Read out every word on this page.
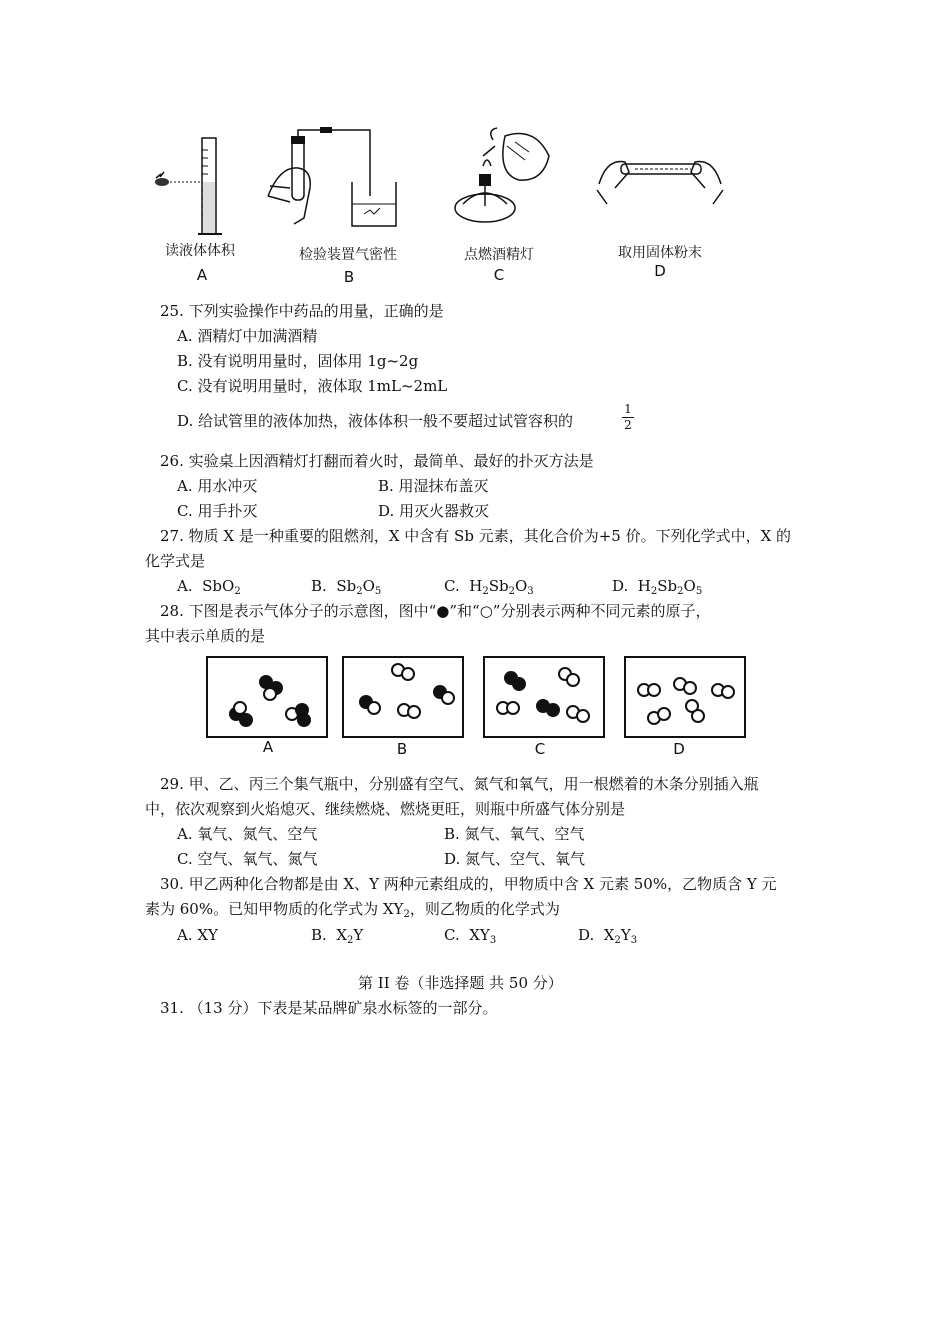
读液体体积
A
检验装置气密性
B
点燃酒精灯
C
取用固体粉末
D
25. 下列实验操作中药品的用量，正确的是
A. 酒精灯中加满酒精
B. 没有说明用量时，固体用 1g~2g
C. 没有说明用量时，液体取 1mL~2mL
D. 给试管里的液体加热，液体体积一般不要超过试管容积的
1
2
26. 实验桌上因酒精灯打翻而着火时，最简单、最好的扑灭方法是
A. 用水冲灭	B. 用湿抹布盖灭
C. 用手扑灭	D. 用灭火器救灭
27. 物质 X 是一种重要的阻燃剂，X 中含有 Sb 元素，其化合价为+5 价。下列化学式中，X 的
化学式是
A.  SbO$_2$	B.  $Sb_2O_5$	C.  $H_2Sb_2O_3$	D.  $H_2Sb_2O_5$
28. 下图是表示气体分子的示意图，图中“●”和“○”分别表示两种不同元素的原子，
其中表示单质的是
A	B	C	D
29. 甲、乙、丙三个集气瓶中，分别盛有空气、氮气和氧气，用一根燃着的木条分别插入瓶
中，依次观察到火焰熄灭、继续燃烧、燃烧更旺，则瓶中所盛气体分别是
A. 氧气、氮气、空气	B. 氮气、氧气、空气
C. 空气、氧气、氮气	D. 氮气、空气、氧气
30. 甲乙两种化合物都是由 X、Y 两种元素组成的，甲物质中含 X 元素 50%，乙物质含 Y 元
素为 60%。已知甲物质的化学式为 $XY_2$，则乙物质的化学式为
A. XY	B.  $X_2Y$	C.  $XY_3$	D.  $X_2Y_3$
第 II 卷（非选择题 共 50 分）
31. （13 分）下表是某品牌矿泉水标签的一部分。
